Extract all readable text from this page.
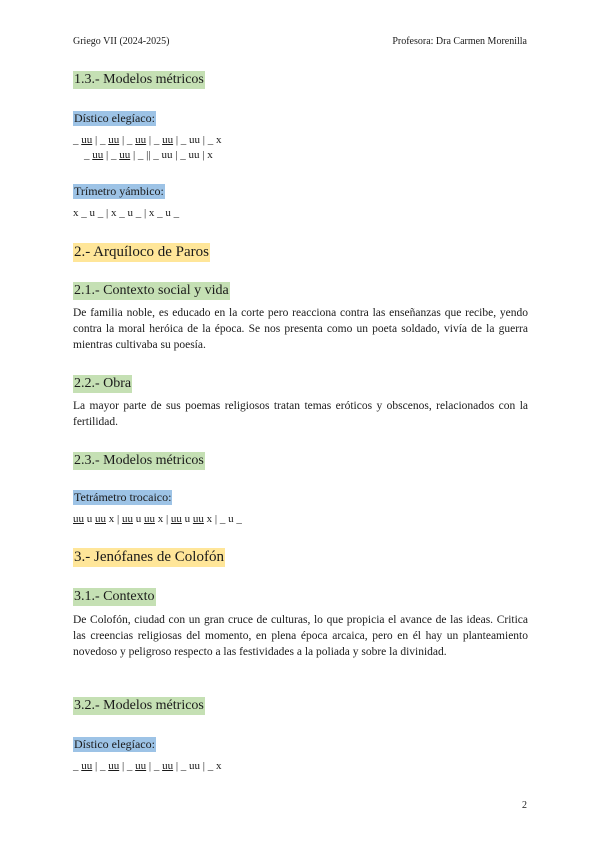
Griego VII (2024-2025)	Profesora: Dra Carmen Morenilla
1.3.- Modelos métricos
Dístico elegíaco:
_ uu | _ uu | _ uu | _ uu | _ uu | _ x
_ uu | _ uu | _ || _ uu | _ uu | x
Trímetro yámbico:
x _ u _ | x _ u _ | x _ u _
2.- Arquíloco de Paros
2.1.- Contexto social y vida

De familia noble, es educado en la corte pero reacciona contra las enseñanzas que recibe, yendo contra la moral heróica de la época. Se nos presenta como un poeta soldado, vivía de la guerra mientras cultivaba su poesía.

2.2.- Obra

La mayor parte de sus poemas religiosos tratan temas eróticos y obscenos, relacionados con la fertilidad.

2.3.- Modelos métricos
Tetrámetro trocaico:
uu u uu x | uu u uu x | uu u uu x | _ u _
3.- Jenófanes de Colofón
3.1.- Contexto

De Colofón, ciudad con un gran cruce de culturas, lo que propicia el avance de las ideas. Critica las creencias religiosas del momento, en plena época arcaica, pero en él hay un planteamiento novedoso y peligroso respecto a las festividades a la poliada y sobre la divinidad.

3.2.- Modelos métricos
Dístico elegíaco:
_ uu | _ uu | _ uu | _ uu | _ uu | _ x
2
